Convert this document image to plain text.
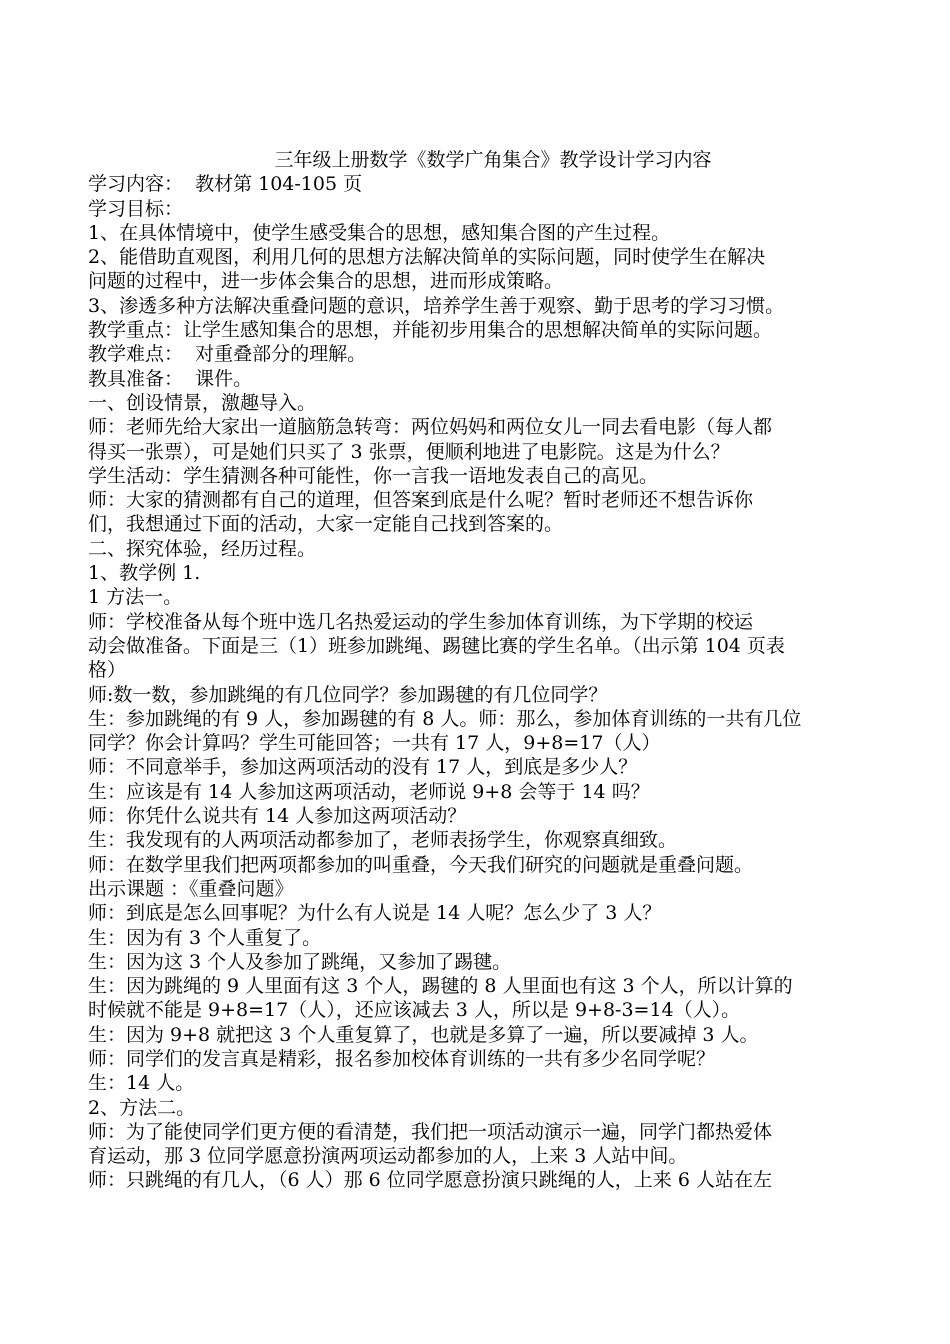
三年级上册数学《数学广角集合》教学设计学习内容
学习内容：  教材第 104-105 页
学习目标：
1、在具体情境中，使学生感受集合的思想，感知集合图的产生过程。
2、能借助直观图，利用几何的思想方法解决简单的实际问题，同时使学生在解决
问题的过程中，进一步体会集合的思想，进而形成策略。
3、渗透多种方法解决重叠问题的意识，培养学生善于观察、勤于思考的学习习惯。
教学重点：让学生感知集合的思想，并能初步用集合的思想解决简单的实际问题。
教学难点：  对重叠部分的理解。
教具准备：  课件。
一、创设情景，激趣导入。
师：老师先给大家出一道脑筋急转弯：两位妈妈和两位女儿一同去看电影（每人都
得买一张票），可是她们只买了 3 张票，便顺利地进了电影院。这是为什么？
学生活动：学生猜测各种可能性，你一言我一语地发表自己的高见。
师：大家的猜测都有自己的道理，但答案到底是什么呢？暂时老师还不想告诉你
们，我想通过下面的活动，大家一定能自己找到答案的。
二、探究体验，经历过程。
1、教学例 1.
1 方法一。
师：学校准备从每个班中选几名热爱运动的学生参加体育训练，为下学期的校运
动会做准备。下面是三（1）班参加跳绳、踢毽比赛的学生名单。（出示第 104 页表
格）
师:数一数，参加跳绳的有几位同学？参加踢毽的有几位同学？
生：参加跳绳的有 9 人，参加踢毽的有 8 人。师：那么，参加体育训练的一共有几位
同学？你会计算吗？学生可能回答；一共有 17 人，9+8=17（人）
师：不同意举手，参加这两项活动的没有 17 人，到底是多少人？
生：应该是有 14 人参加这两项活动，老师说 9+8 会等于 14 吗？
师：你凭什么说共有 14 人参加这两项活动？
生：我发现有的人两项活动都参加了，老师表扬学生，你观察真细致。
师：在数学里我们把两项都参加的叫重叠，今天我们研究的问题就是重叠问题。
出示课题 ：《重叠问题》
师：到底是怎么回事呢？为什么有人说是 14 人呢？怎么少了 3 人？
生：因为有 3 个人重复了。
生：因为这 3 个人及参加了跳绳，又参加了踢毽。
生：因为跳绳的 9 人里面有这 3 个人，踢毽的 8 人里面也有这 3 个人，所以计算的
时候就不能是 9+8=17（人），还应该减去 3 人，所以是 9+8-3=14（人）。
生：因为 9+8 就把这 3 个人重复算了，也就是多算了一遍，所以要减掉 3 人。
师：同学们的发言真是精彩，报名参加校体育训练的一共有多少名同学呢？
生：14 人。
2、方法二。
师：为了能使同学们更方便的看清楚，我们把一项活动演示一遍，同学门都热爱体
育运动，那 3 位同学愿意扮演两项运动都参加的人，上来 3 人站中间。
师：只跳绳的有几人，（6 人）那 6 位同学愿意扮演只跳绳的人，上来 6 人站在左
